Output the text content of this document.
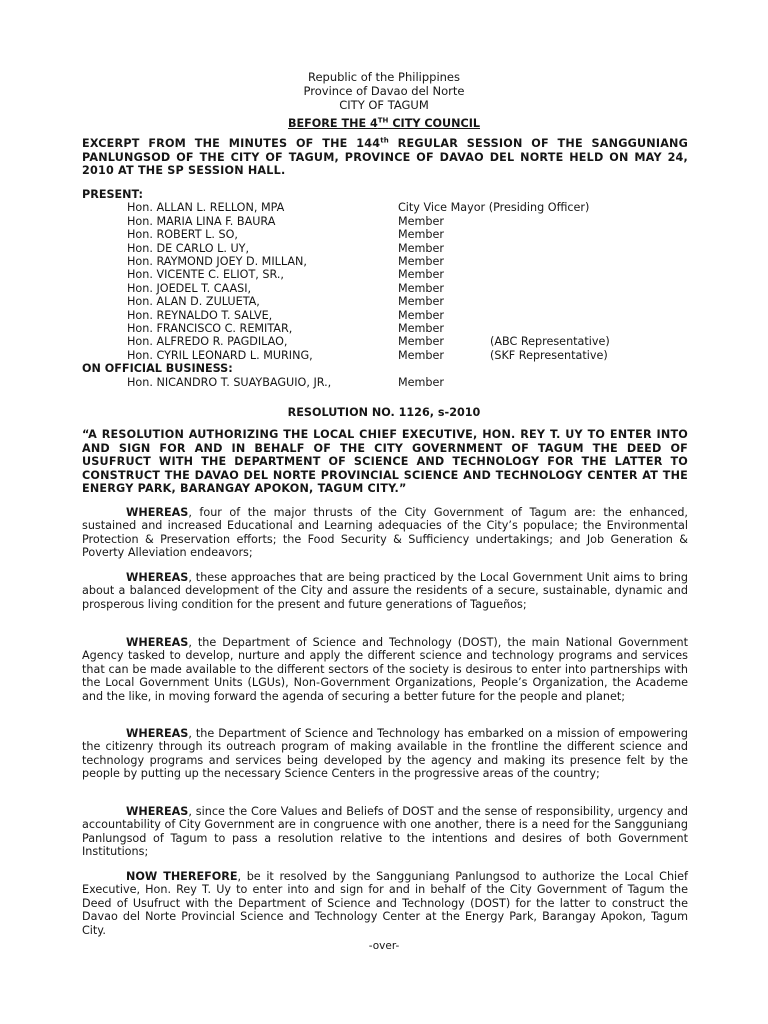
Republic of the Philippines
Province of Davao del Norte
CITY OF TAGUM
BEFORE THE 4TH CITY COUNCIL
EXCERPT FROM THE MINUTES OF THE 144th REGULAR SESSION OF THE SANGGUNIANG PANLUNGSOD OF THE CITY OF TAGUM, PROVINCE OF DAVAO DEL NORTE HELD ON MAY 24, 2010 AT THE SP SESSION HALL.
PRESENT:
Hon. ALLAN L. RELLON, MPA	City Vice Mayor (Presiding Officer)
Hon. MARIA LINA F. BAURA	Member
Hon. ROBERT L. SO,	Member
Hon. DE CARLO L. UY,	Member
Hon. RAYMOND JOEY D. MILLAN,	Member
Hon. VICENTE C. ELIOT, SR.,	Member
Hon. JOEDEL T. CAASI,	Member
Hon. ALAN D. ZULUETA,	Member
Hon. REYNALDO T. SALVE,	Member
Hon. FRANCISCO C. REMITAR,	Member
Hon. ALFREDO R. PAGDILAO,	Member	(ABC Representative)
Hon. CYRIL LEONARD L. MURING,	Member	(SKF Representative)
ON OFFICIAL BUSINESS:
Hon. NICANDRO T. SUAYBAGUIO, JR.,	Member
RESOLUTION NO. 1126, s-2010
“A RESOLUTION AUTHORIZING THE LOCAL CHIEF EXECUTIVE, HON. REY T. UY TO ENTER INTO AND SIGN FOR AND IN BEHALF OF THE CITY GOVERNMENT OF TAGUM THE DEED OF USUFRUCT WITH THE DEPARTMENT OF SCIENCE AND TECHNOLOGY FOR THE LATTER TO CONSTRUCT THE DAVAO DEL NORTE PROVINCIAL SCIENCE AND TECHNOLOGY CENTER AT THE ENERGY PARK, BARANGAY APOKON, TAGUM CITY.”
WHEREAS, four of the major thrusts of the City Government of Tagum are: the enhanced, sustained and increased Educational and Learning adequacies of the City’s populace; the Environmental Protection & Preservation efforts; the Food Security & Sufficiency undertakings; and Job Generation & Poverty Alleviation endeavors;
WHEREAS, these approaches that are being practiced by the Local Government Unit aims to bring about a balanced development of the City and assure the residents of a secure, sustainable, dynamic and prosperous living condition for the present and future generations of Tagueños;
WHEREAS, the Department of Science and Technology (DOST), the main National Government Agency tasked to develop, nurture and apply the different science and technology programs and services that can be made available to the different sectors of the society is desirous to enter into partnerships with the Local Government Units (LGUs), Non-Government Organizations, People’s Organization, the Academe and the like, in moving forward the agenda of securing a better future for the people and planet;
WHEREAS, the Department of Science and Technology has embarked on a mission of empowering the citizenry through its outreach program of making available in the frontline the different science and technology programs and services being developed by the agency and making its presence felt by the people by putting up the necessary Science Centers in the progressive areas of the country;
WHEREAS, since the Core Values and Beliefs of DOST and the sense of responsibility, urgency and accountability of City Government are in congruence with one another, there is a need for the Sangguniang Panlungsod of Tagum to pass a resolution relative to the intentions and desires of both Government Institutions;
NOW THEREFORE, be it resolved by the Sangguniang Panlungsod to authorize the Local Chief Executive, Hon. Rey T. Uy to enter into and sign for and in behalf of the City Government of Tagum the Deed of Usufruct with the Department of Science and Technology (DOST) for the latter to construct the Davao del Norte Provincial Science and Technology Center at the Energy Park, Barangay Apokon, Tagum City.
-over-
